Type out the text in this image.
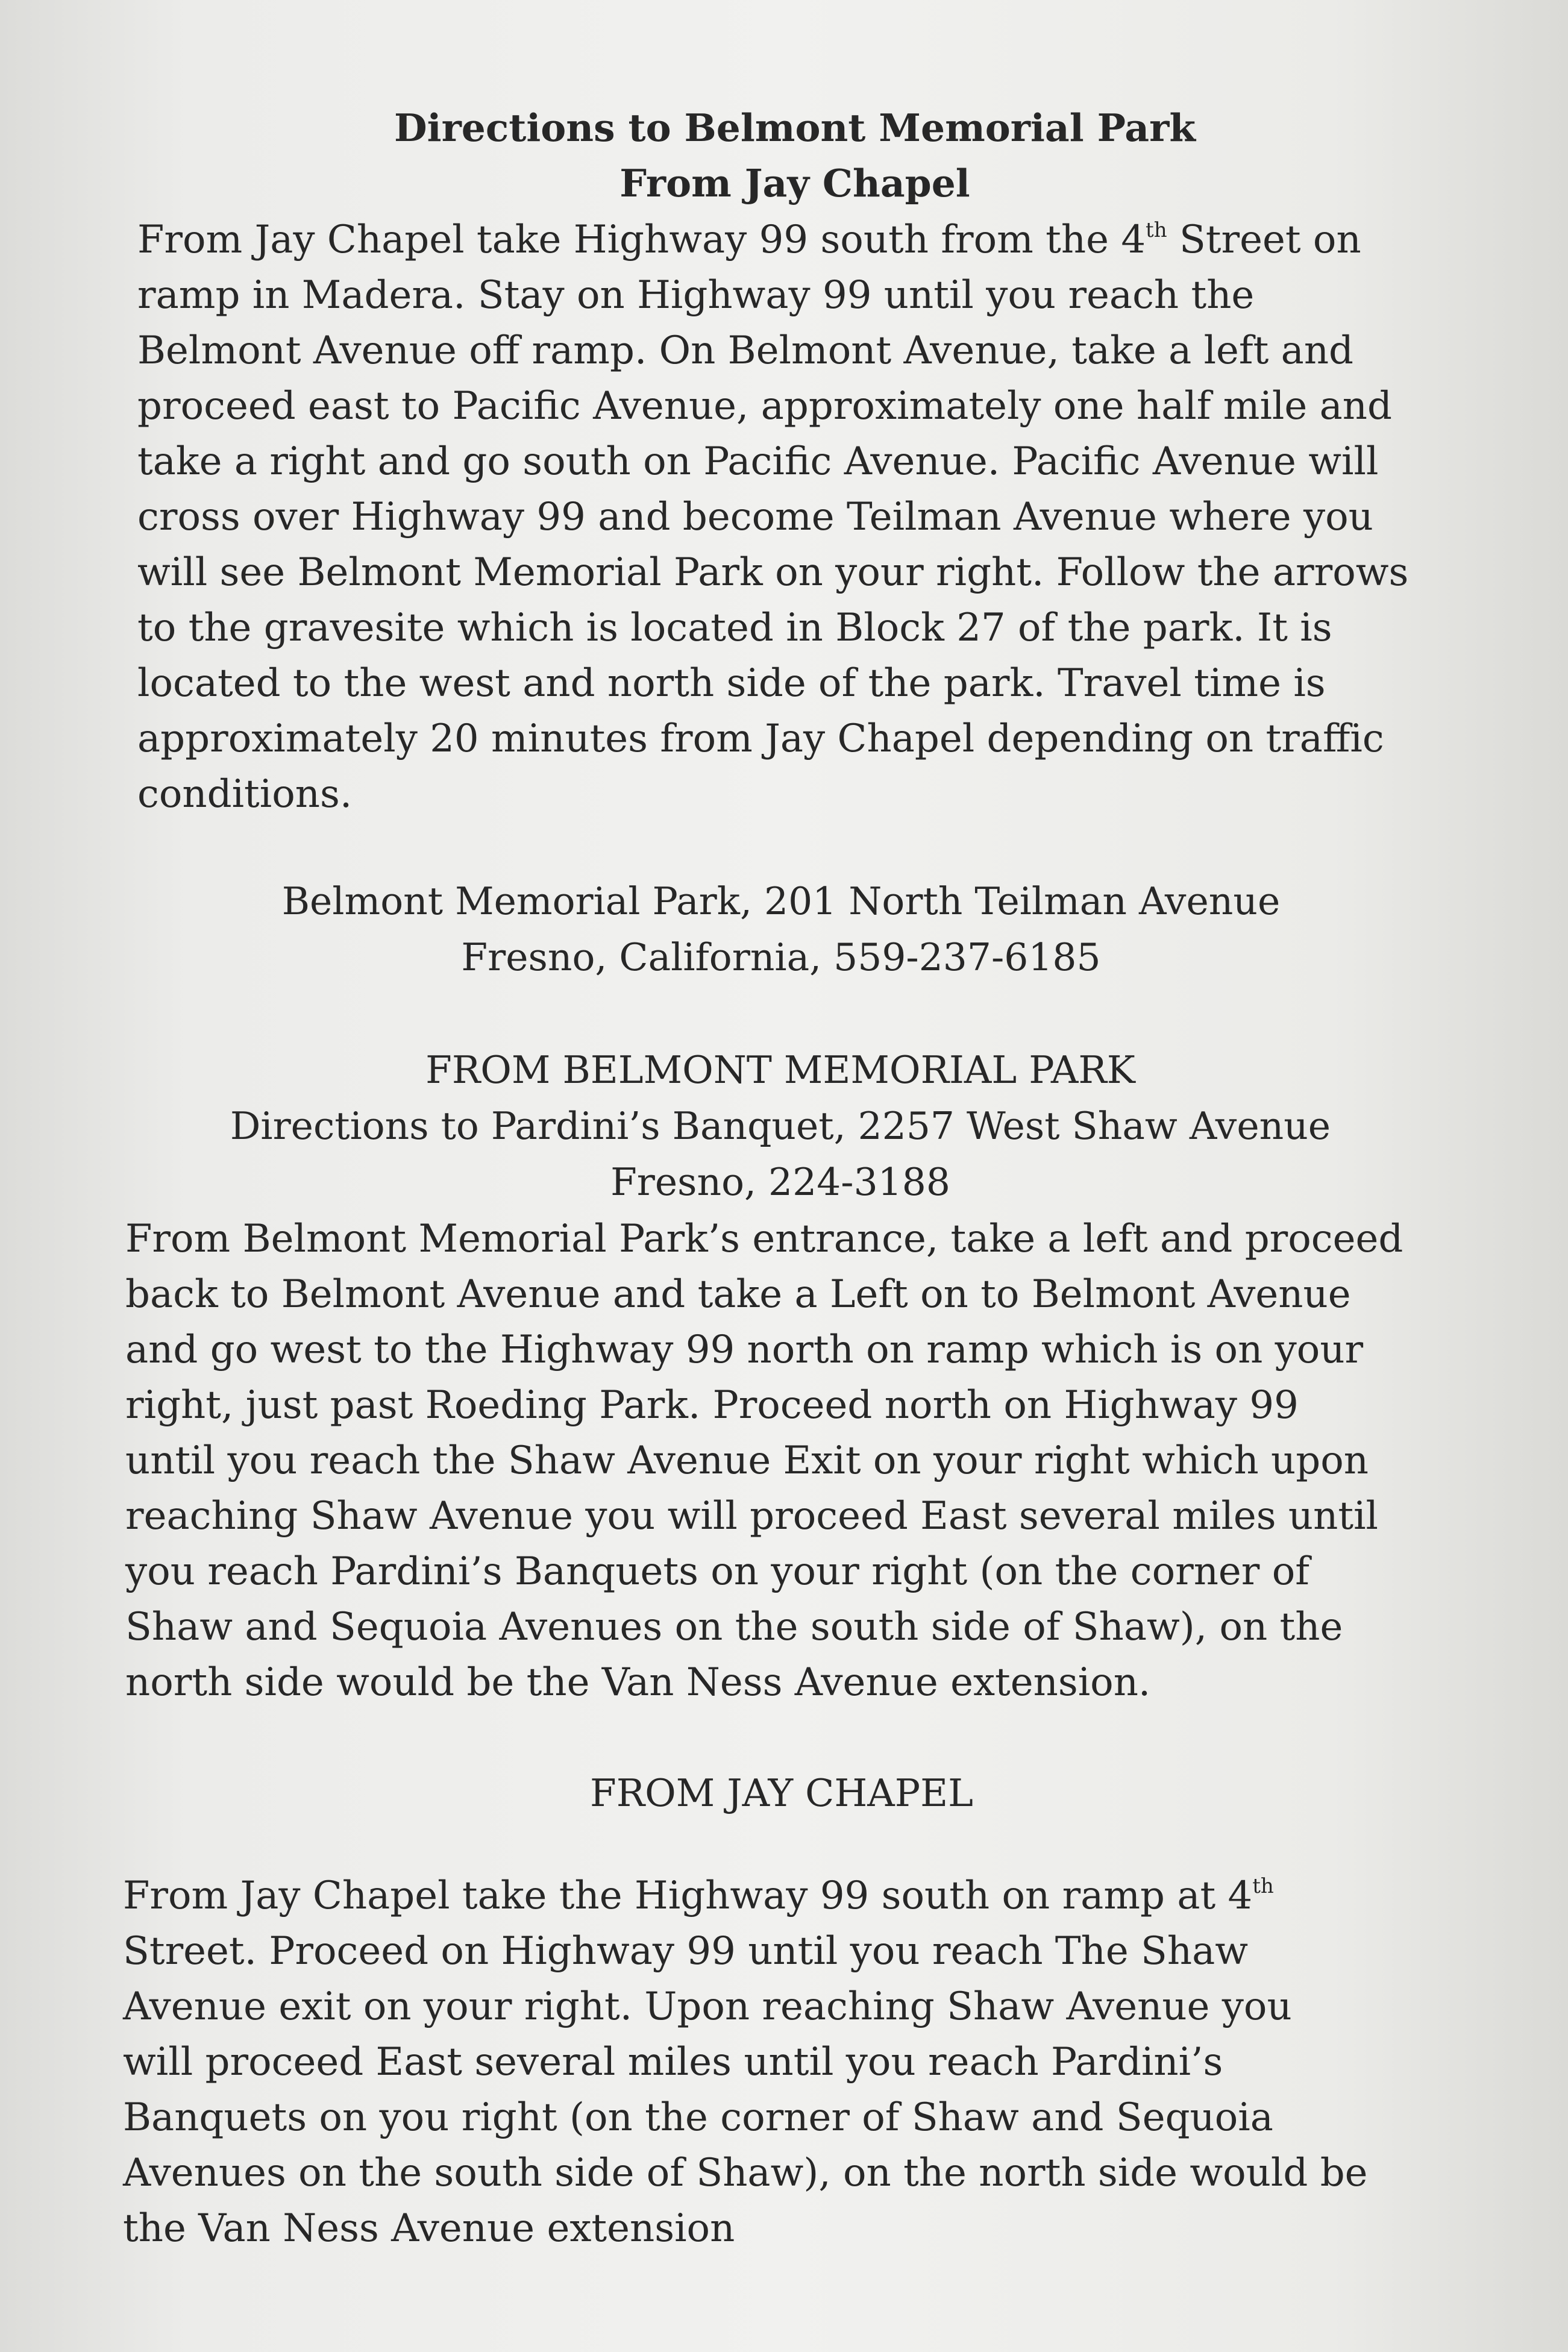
Directions to Belmont Memorial Park
From Jay Chapel
From Jay Chapel take Highway 99 south from the 4th Street on
ramp in Madera. Stay on Highway 99 until you reach the
Belmont Avenue off ramp. On Belmont Avenue, take a left and
proceed east to Pacific Avenue, approximately one half mile and
take a right and go south on Pacific Avenue. Pacific Avenue will
cross over Highway 99 and become Teilman Avenue where you
will see Belmont Memorial Park on your right. Follow the arrows
to the gravesite which is located in Block 27 of the park. It is
located to the west and north side of the park. Travel time is
approximately 20 minutes from Jay Chapel depending on traffic
conditions.
Belmont Memorial Park, 201 North Teilman Avenue
Fresno, California, 559-237-6185
FROM BELMONT MEMORIAL PARK
Directions to Pardini’s Banquet, 2257 West Shaw Avenue
Fresno, 224-3188
From Belmont Memorial Park’s entrance, take a left and proceed
back to Belmont Avenue and take a Left on to Belmont Avenue
and go west to the Highway 99 north on ramp which is on your
right, just past Roeding Park. Proceed north on Highway 99
until you reach the Shaw Avenue Exit on your right which upon
reaching Shaw Avenue you will proceed East several miles until
you reach Pardini’s Banquets on your right (on the corner of
Shaw and Sequoia Avenues on the south side of Shaw), on the
north side would be the Van Ness Avenue extension.
FROM JAY CHAPEL
From Jay Chapel take the Highway 99 south on ramp at 4th
Street. Proceed on Highway 99 until you reach The Shaw
Avenue exit on your right. Upon reaching Shaw Avenue you
will proceed East several miles until you reach Pardini’s
Banquets on you right (on the corner of Shaw and Sequoia
Avenues on the south side of Shaw), on the north side would be
the Van Ness Avenue extension
